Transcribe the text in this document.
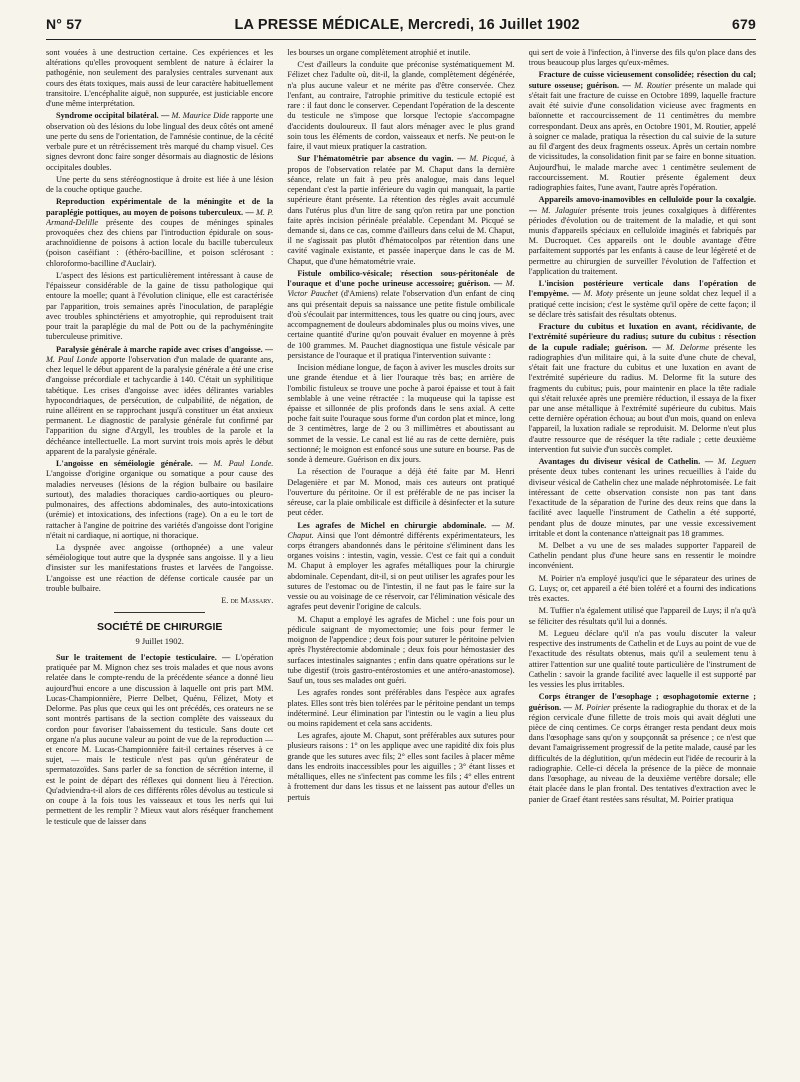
N° 57	LA PRESSE MÉDICALE, Mercredi, 16 Juillet 1902	679

sont vouées à une destruction certaine. Ces expériences et les altérations qu'elles provoquent semblent de nature à éclairer la pathogénie, non seulement des paralysies centrales survenant aux cours des états toxiques, mais aussi de leur caractère habituellement transitoire. L'encéphalite aiguë, non suppurée, est justiciable encore d'une même interprétation.

Syndrome occipital bilatéral. — M. Maurice Dide rapporte une observation où des lésions du lobe lingual des deux côtés ont amené une perte du sens de l'orientation, de l'amnésie continue, de la cécité verbale pure et un rétrécissement très marqué du champ visuel. Ces signes devront donc faire songer désormais au diagnostic de lésions occipitales doubles.

Une perte du sens stéréognostique à droite est liée à une lésion de la couche optique gauche.

Reproduction expérimentale de la méningite et de la paraplégie pottiques, au moyen de poisons tuberculeux. — M. P. Armand-Delille présente des coupes de méninges spinales provoquées chez des chiens par l'introduction épidurale on sous-arachnoïdienne de poisons à action locale du bacille tuberculeux (poison caséifiant : (éthéro-bacilline, et poison sclérosant : chloroformo-bacilline d'Auclair).

L'aspect des lésions est particulièrement intéressant à cause de l'épaisseur considérable de la gaine de tissu pathologique qui entoure la moelle; quant à l'évolution clinique, elle est caractérisée par l'apparition, trois semaines après l'inoculation, de paraplégie avec troubles sphinctériens et amyotrophie, qui reproduisent trait pour trait la paraplégie du mal de Pott ou de la pachyméningite tuberculeuse primitive.

Paralysie générale à marche rapide avec crises d'angoisse. — M. Paul Londe apporte l'observation d'un malade de quarante ans, chez lequel le début apparent de la paralysie générale a été une crise d'angoisse précordiale et tachycardie à 140. C'était un syphilitique tabétique. Les crises d'angoisse avec idées délirantes variables hypocondriaques, de persécution, de culpabilité, de négation, de ruine alléirent en se rapprochant jusqu'à constituer un état anxieux permanent. Le diagnostic de paralysie générale fut confirmé par l'apparition du signe d'Argyll, les troubles de la parole et la déchéance intellectuelle. La mort survint trois mois après le début apparent de la paralysie générale.

L'angoisse en séméiologie générale. — M. Paul Londe. L'angoisse d'origine organique ou somatique a pour cause des maladies nerveuses (lésions de la région bulbaire ou basilaire surtout), des maladies thoraciques cardio-aortiques ou pleuro-pulmonaires, des affections abdominales, des auto-intoxications (urémie) et intoxications, des infections (rage). On a eu le tort de rattacher à l'angine de poitrine des variétés d'angoisse dont l'origine n'était ni cardiaque, ni aortique, ni thoracique.

La dyspnée avec angoisse (orthopnée) a une valeur séméiologique tout autre que la dyspnée sans angoisse. Il y a lieu d'insister sur les manifestations frustes et larvées de l'angoisse. L'angoisse est une réaction de défense corticale causée par un trouble bulbaire.

E. de Massary.
SOCIÉTÉ DE CHIRURGIE
9 Juillet 1902.

Sur le traitement de l'ectopie testiculaire. — L'opération pratiquée par M. Mignon chez ses trois malades et que nous avons relatée dans le compte-rendu de la précédente séance a donné lieu aujourd'hui encore a une discussion à laquelle ont pris part MM. Lucas-Championnière, Pierre Delbet, Quénu, Félizet, Moty et Delorme. Pas plus que ceux qui les ont précédés, ces orateurs ne se sont montrés partisans de la section complète des vaisseaux du cordon pour favoriser l'abaissement du testicule. Sans doute cet organe n'a plus aucune valeur au point de vue de la reproduction — et encore M. Lucas-Championnière fait-il certaines réserves à ce sujet, — mais le testicule n'est pas qu'un générateur de spermatozoïdes. Sans parler de sa fonction de sécrétion interne, il est le point de départ des réflexes qui donnent lieu à l'érection. Qu'adviendra-t-il alors de ces différents rôles dévolus au testicule si on coupe à la fois tous les vaisseaux et tous les nerfs qui lui permettent de les remplir ? Mieux vaut alors réséquer franchement le testicule que de laisser dans

les bourses un organe complètement atrophié et inutile.

C'est d'ailleurs la conduite que préconise systématiquement M. Félizet chez l'adulte où, dit-il, la glande, complètement dégénérée, n'a plus aucune valeur et ne mérite pas d'être conservée. Chez l'enfant, au contraire, l'atrophie primitive du testicule ectopié est rare : il faut donc le conserver. Cependant l'opération de la descente du testicule ne s'impose que lorsque l'ectopie s'accompagne d'accidents douloureux. Il faut alors ménager avec le plus grand soin tous les éléments de cordon, vaisseaux et nerfs. Ne peut-on le faire, il vaut mieux pratiquer la castration.

Sur l'hématométrie par absence du vagin. — M. Picqué, à propos de l'observation relatée par M. Chaput dans la dernière séance, relate un fait à peu près analogue, mais dans lequel cependant c'est la partie inférieure du vagin qui manquait, la partie supérieure étant présente. La rétention des règles avait accumulé dans l'utérus plus d'un litre de sang qu'on retira par une ponction faite après incision périnéale préalable. Cependant M. Picqué se demande si, dans ce cas, comme d'ailleurs dans celui de M. Chaput, il ne s'agissait pas plutôt d'hématocolpos par rétention dans une cavité vaginale existante, et passée inaperçue dans le cas de M. Chaput, que d'une hématométrie vraie.

Fistule ombilico-vésicale; résection sous-péritonéale de l'ouraque et d'une poche urineuse accessoire; guérison. — M. Victor Pauchet (d'Amiens) relate l'observation d'un enfant de cinq ans qui présentait depuis sa naissance une petite fistule ombilicale d'où s'écoulait par intermittences, tous les quatre ou cinq jours, avec accompagnement de douleurs abdominales plus ou moins vives, une certaine quantité d'urine qu'on pouvait évaluer en moyenne à près de 100 grammes. M. Pauchet diagnostiqua une fistule vésicale par persistance de l'ouraque et il pratiqua l'intervention suivante :

Incision médiane longue, de façon à aviver les muscles droits sur une grande étendue et à lier l'ouraque très bas; en arrière de l'ombilic fistuleux se trouve une poche à paroi épaisse et tout à fait semblable à une veine rétractée : la muqueuse qui la tapisse est épaisse et sillonnée de plis profonds dans le sens axial. A cette poche fait suite l'ouraque sous forme d'un cordon plat et mince, long de 3 centimètres, large de 2 ou 3 millimètres et aboutissant au sommet de la vessie. Le canal est lié au ras de cette dernière, puis sectionné; le moignon est enfoncé sous une suture en bourse. Pas de sonde à demeure. Guérison en dix jours.

La résection de l'ouraque a déjà été faite par M. Henri Delagenière et par M. Monod, mais ces auteurs ont pratiqué l'ouverture du péritoine. Or il est préférable de ne pas inciser la séreuse, car la plaie ombilicale est difficile à désinfecter et la suture peut céder.

Les agrafes de Michel en chirurgie abdominale. — M. Chaput. Ainsi que l'ont démontré différents expérimentateurs, les corps étrangers abandonnés dans le péritoine s'éliminent dans les organes voisins : intestin, vagin, vessie. C'est ce fait qui a conduit M. Chaput à employer les agrafes métalliques pour la chirurgie abdominale. Cependant, dit-il, si on peut utiliser les agrafes pour les sutures de l'estomac ou de l'intestin, il ne faut pas le faire sur la vessie ou au voisinage de ce réservoir, car l'élimination vésicale des agrafes peut devenir l'origine de calculs.

M. Chaput a employé les agrafes de Michel : une fois pour un pédicule saignant de myomectomie; une fois pour fermer le moignon de l'appendice ; deux fois pour suturer le péritoine pelvien après l'hystérectomie abdominale ; deux fois pour hémostasier des surfaces intestinales saignantes ; enfin dans quatre opérations sur le tube digestif (trois gastro-entérostomies et une antéro-anastomose). Sauf un, tous ses malades ont guéri.

Les agrafes rondes sont préférables dans l'espèce aux agrafes plates. Elles sont très bien tolérées par le péritoine pendant un temps indéterminé. Leur élimination par l'intestin ou le vagin a lieu plus ou moins rapidement et cela sans accidents.

Les agrafes, ajoute M. Chaput, sont préférables aux sutures pour plusieurs raisons : 1° on les applique avec une rapidité dix fois plus grande que les sutures avec fils; 2° elles sont faciles à placer même dans les endroits inaccessibles pour les aiguilles ; 3° étant lisses et métalliques, elles ne s'infectent pas comme les fils ; 4° elles entrent à frottement dur dans les tissus et ne laissent pas autour d'elles un pertuis

qui sert de voie à l'infection, à l'inverse des fils qu'on place dans des trous beaucoup plus larges qu'eux-mêmes.

Fracture de cuisse vicieusement consolidée; résection du cal; suture osseuse; guérison. — M. Routier présente un malade qui s'était fait une fracture de cuisse en Octobre 1899, laquelle fracture avait été suivie d'une consolidation vicieuse avec fragments en baïonnette et raccourcissement de 11 centimètres du membre correspondant. Deux ans après, en Octobre 1901, M. Routier, appelé à soigner ce malade, pratiqua la résection du cal suivie de la suture au fil d'argent des deux fragments osseux. Après un certain nombre de vicissitudes, la consolidation finit par se faire en bonne situation. Aujourd'hui, le malade marche avec 1 centimètre seulement de raccourcissement. M. Routier présente également deux radiographies faites, l'une avant, l'autre après l'opération.

Appareils amovo-inamovibles en celluloïde pour la coxalgie. — M. Jalaguier présente trois jeunes coxalgiques à différentes périodes d'évolution ou de traitement de la maladie, et qui sont munis d'appareils spéciaux en celluloïde imaginés et fabriqués par M. Ducroquet. Ces appareils ont le double avantage d'être parfaitement supportés par les enfants à cause de leur légèreté et de permettre au chirurgien de surveiller l'évolution de l'affection et l'application du traitement.

L'incision postérieure verticale dans l'opération de l'empyème. — M. Moty présente un jeune soldat chez lequel il a pratiqué cette incision; c'est le système qu'il opère de cette façon; il se déclare très satisfait des résultats obtenus.

Fracture du cubitus et luxation en avant, récidivante, de l'extrémité supérieure du radius; suture du cubitus : résection de la cupule radiale; guérison. — M. Delorme présente les radiographies d'un militaire qui, à la suite d'une chute de cheval, s'était fait une fracture du cubitus et une luxation en avant de l'extrémité supérieure du radius. M. Delorme fit la suture des fragments du cubitus; puis, pour maintenir en place la tête radiale qui s'était reluxée après une première réduction, il essaya de la fixer par une anse métallique à l'extrémité supérieure du cubitus. Mais cette dernière opération échoua; au bout d'un mois, quand on enleva l'appareil, la luxation radiale se reproduisit. M. Delorme n'eut plus d'autre ressource que de réséquer la tête radiale ; cette deuxième intervention fut suivie d'un succès complet.

Avantages du diviseur vésical de Cathelin. — M. Leguen présente deux tubes contenant les urines recueillies à l'aide du diviseur vésical de Cathelin chez une malade néphrotomisée. Le fait intéressant de cette observation consiste non pas tant dans l'exactitude de la séparation de l'urine des deux reins que dans la facilité avec laquelle l'instrument de Cathelin a été supporté, pendant plus de douze minutes, par une vessie excessivement irritable et dont la contenance n'atteignait pas 18 grammes.

M. Delbet a vu une de ses malades supporter l'appareil de Cathelin pendant plus d'une heure sans en ressentir le moindre inconvénient.

M. Poirier n'a employé jusqu'ici que le séparateur des urines de G. Luys; or, cet appareil a été bien toléré et a fourni des indications très exactes.

M. Tuffier n'a également utilisé que l'appareil de Luys; il n'a qu'à se féliciter des résultats qu'il lui a donnés.

M. Legueu déclare qu'il n'a pas voulu discuter la valeur respective des instruments de Cathelin et de Luys au point de vue de l'exactitude des résultats obtenus, mais qu'il a seulement tenu à attirer l'attention sur une qualité toute particulière de l'instrument de Cathelin : savoir la grande facilité avec laquelle il est supporté par les vessies les plus irritables.

Corps étranger de l'œsophage ; œsophagotomie externe ; guérison. — M. Poirier présente la radiographie du thorax et de la région cervicale d'une fillette de trois mois qui avait dégluti une pièce de cinq centimes. Ce corps étranger resta pendant deux mois dans l'œsophage sans qu'on y soupçonnât sa présence ; ce n'est que devant l'amaigrissement progressif de la petite malade, causé par les difficultés de la déglutition, qu'un médecin eut l'idée de recourir à la radiographie. Celle-ci décela la présence de la pièce de monnaie dans l'œsophage, au niveau de la deuxième vertèbre dorsale; elle était placée dans le plan frontal. Des tentatives d'extraction avec le panier de Graef étant restées sans résultat, M. Poirier pratiqua
